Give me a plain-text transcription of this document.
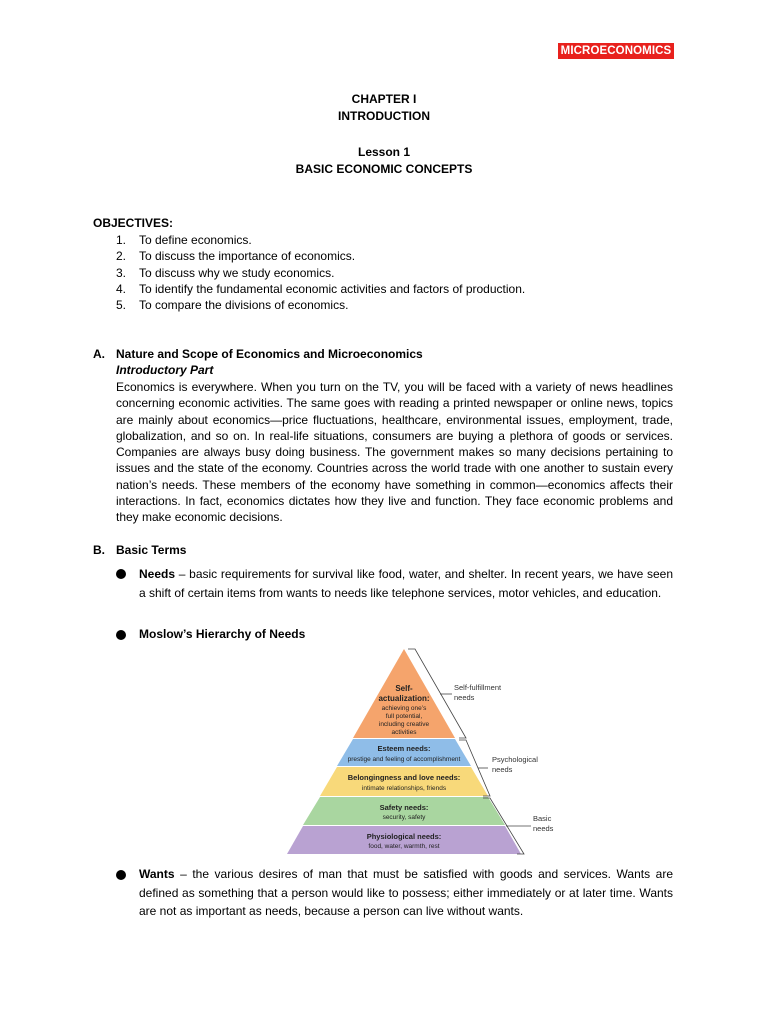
MICROECONOMICS
CHAPTER I
INTRODUCTION
Lesson 1
BASIC ECONOMIC CONCEPTS
OBJECTIVES:
1. To define economics.
2. To discuss the importance of economics.
3. To discuss why we study economics.
4. To identify the fundamental economic activities and factors of production.
5. To compare the divisions of economics.
A. Nature and Scope of Economics and Microeconomics
Introductory Part

Economics is everywhere. When you turn on the TV, you will be faced with a variety of news headlines concerning economic activities. The same goes with reading a printed newspaper or online news, topics are mainly about economics—price fluctuations, healthcare, environmental issues, employment, trade, globalization, and so on. In real-life situations, consumers are buying a plethora of goods or services. Companies are always busy doing business. The government makes so many decisions pertaining to issues and the state of the economy. Countries across the world trade with one another to sustain every nation’s needs. These members of the economy have something in common—economics affects their interactions. In fact, economics dictates how they live and function. They face economic problems and they make economic decisions.

B. Basic Terms

Needs – basic requirements for survival like food, water, and shelter. In recent years, we have seen a shift of certain items from wants to needs like telephone services, motor vehicles, and education.

Moslow’s Hierarchy of Needs

Self-
actualization:
achieving one’s
full potential,
including creative
activities
Esteem needs:
prestige and feeling of accomplishment
Belongingness and love needs:
intimate relationships, friends
Safety needs:
security, safety
Physiological needs:
food, water, warmth, rest
Self-fulfillment
needs
Psychological
needs
Basic
needs

Wants – the various desires of man that must be satisfied with goods and services. Wants are defined as something that a person would like to possess; either immediately or at later time. Wants are not as important as needs, because a person can live without wants.
